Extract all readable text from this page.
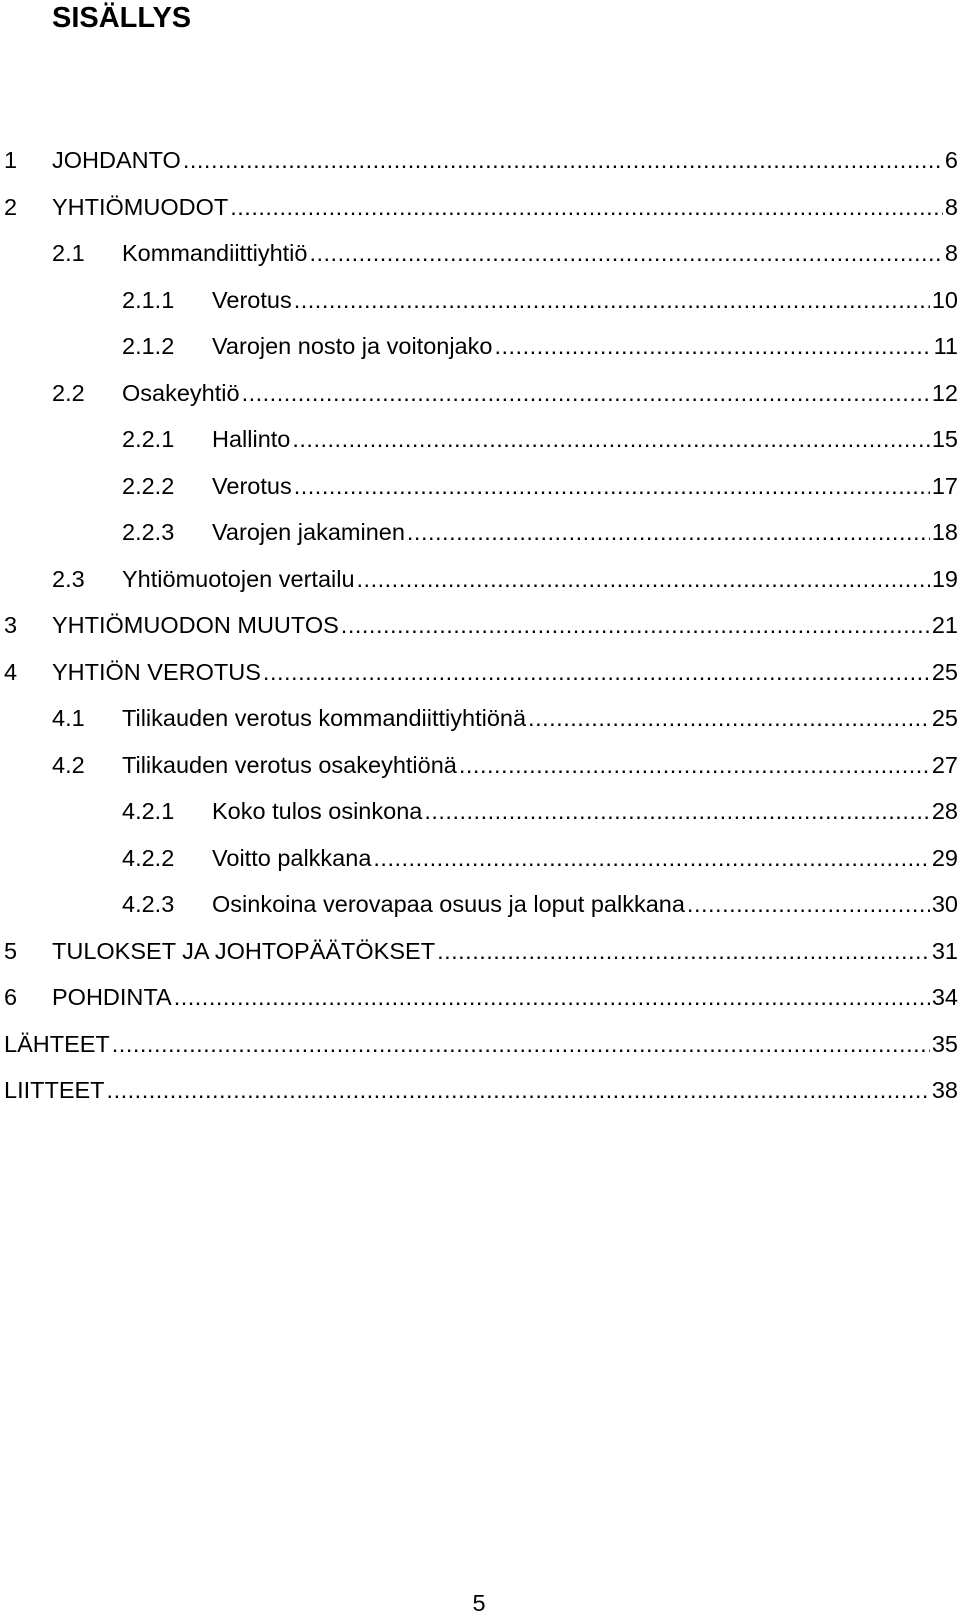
SISÄLLYS
1 JOHDANTO .....	6
2 YHTIÖMUODOT .....	8
2.1 Kommandiittiyhtiö .....	8
2.1.1 Verotus .....	10
2.1.2 Varojen nosto ja voitonjako .....	11
2.2 Osakeyhtiö .....	12
2.2.1 Hallinto .....	15
2.2.2 Verotus .....	17
2.2.3 Varojen jakaminen .....	18
2.3 Yhtiömuotojen vertailu .....	19
3 YHTIÖMUODON MUUTOS .....	21
4 YHTIÖN VEROTUS .....	25
4.1 Tilikauden verotus kommandiittiyhtiönä .....	25
4.2 Tilikauden verotus osakeyhtiönä .....	27
4.2.1 Koko tulos osinkona .....	28
4.2.2 Voitto palkkana .....	29
4.2.3 Osinkoina verovapaa osuus ja loput palkkana .....	30
5 TULOKSET JA JOHTOPÄÄTÖKSET .....	31
6 POHDINTA .....	34
LÄHTEET .....	35
LIITTEET .....	38
5
